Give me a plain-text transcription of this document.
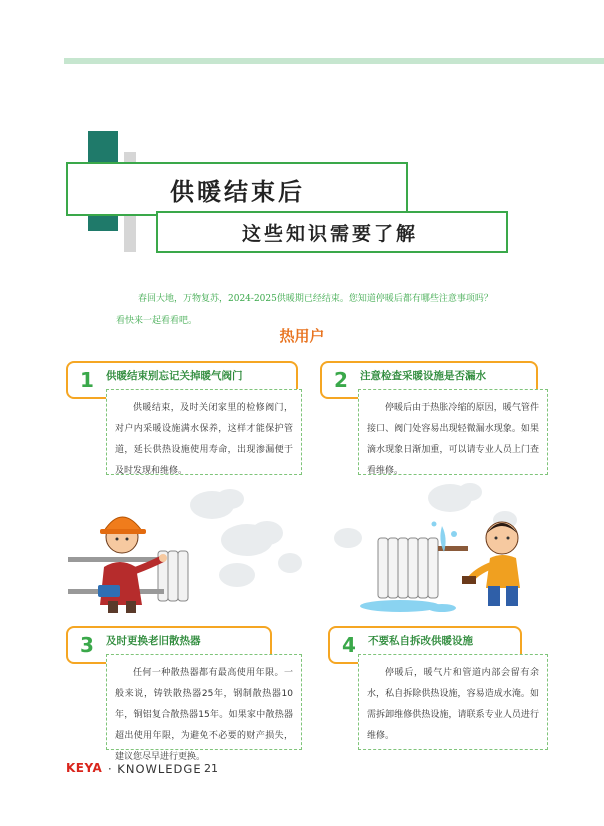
供暖结束后
这些知识需要了解
春回大地，万物复苏，2024-2025供暖期已经结束。您知道停暖后都有哪些注意事项吗？看快来一起看看吧。
热用户
1 供暖结束别忘记关掉暖气阀门
供暖结束，及时关闭家里的检修阀门，对户内采暖设施满水保养，这样才能保护管道，延长供热设施使用寿命，出现渗漏便于及时发现和维修。
2 注意检查采暖设施是否漏水
停暖后由于热胀冷缩的原因，暖气管件接口、阀门处容易出现轻微漏水现象。如果滴水现象日渐加重，可以请专业人员上门查看维修。
3 及时更换老旧散热器
任何一种散热器都有最高使用年限。一般来说，铸铁散热器25年，钢制散热器10年，铜铝复合散热器15年。如果家中散热器超出使用年限，为避免不必要的财产损失，建议您尽早进行更换。
4 不要私自拆改供暖设施
停暖后，暖气片和管道内部会留有余水，私自拆除供热设施，容易造成水淹。如需拆卸维修供热设施，请联系专业人员进行维修。
KEYA · KNOWLEDGE 21
